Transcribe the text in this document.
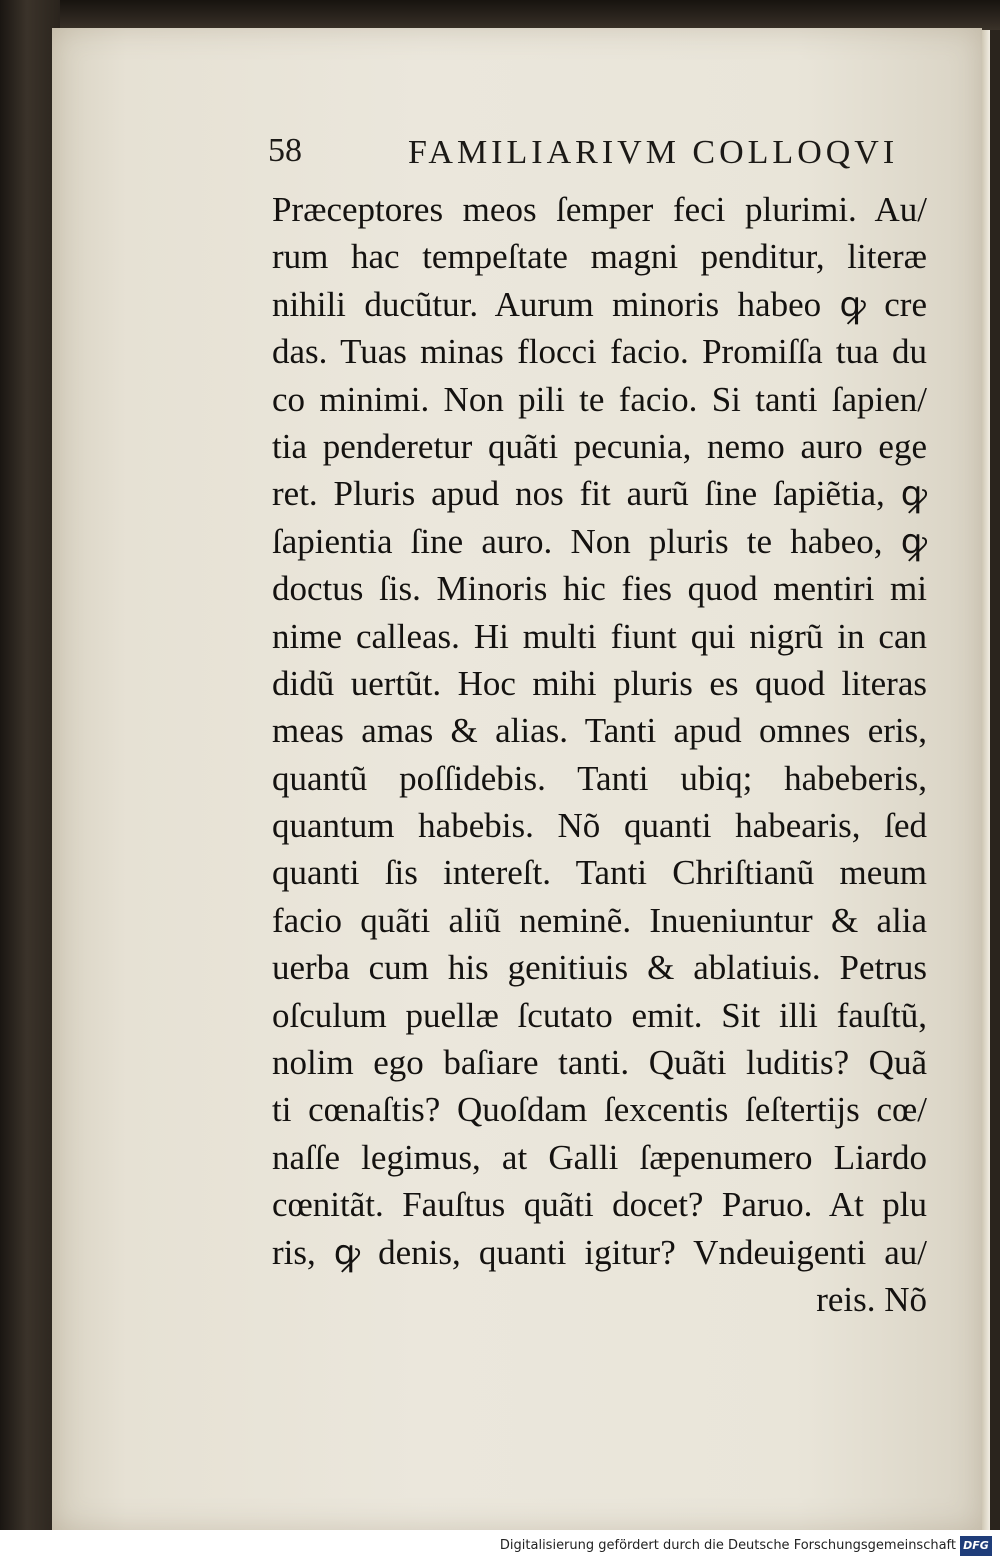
58	FAMILIARIVM COLLOQVI
Præceptores meos ſemper feci plurimi. Au/
rum hac tempeſtate magni penditur, literæ
nihili ducũtur. Aurum minoris habeo ꝙ cre
das. Tuas minas flocci facio. Promiſſa tua du
co minimi. Non pili te facio. Si tanti ſapien/
tia penderetur quãti pecunia, nemo auro ege
ret. Pluris apud nos fit aurũ ſine ſapiẽtia, ꝙ
ſapientia ſine auro. Non pluris te habeo, ꝙ
doctus ſis. Minoris hic fies quod mentiri mi
nime calleas. Hi multi fiunt qui nigrũ in can
didũ uertũt. Hoc mihi pluris es quod literas
meas amas & alias. Tanti apud omnes eris,
quantũ poſſidebis. Tanti ubiq; habeberis,
quantum habebis. Nõ quanti habearis, ſed
quanti ſis intereſt. Tanti Chriſtianũ meum
facio quãti aliũ neminẽ. Inueniuntur & alia
uerba cum his genitiuis & ablatiuis. Petrus
oſculum puellæ ſcutato emit. Sit illi fauſtũ,
nolim ego baſiare tanti. Quãti luditis? Quã
ti cœnaſtis? Quoſdam ſexcentis ſeſtertijs cœ/
naſſe legimus, at Galli ſæpenumero Liardo
cœnitãt. Fauſtus quãti docet? Paruo. At plu
ris, ꝙ denis, quanti igitur? Vndeuigenti au/
reis. Nõ
Digitalisierung gefördert durch die Deutsche Forschungsgemeinschaft DFG
